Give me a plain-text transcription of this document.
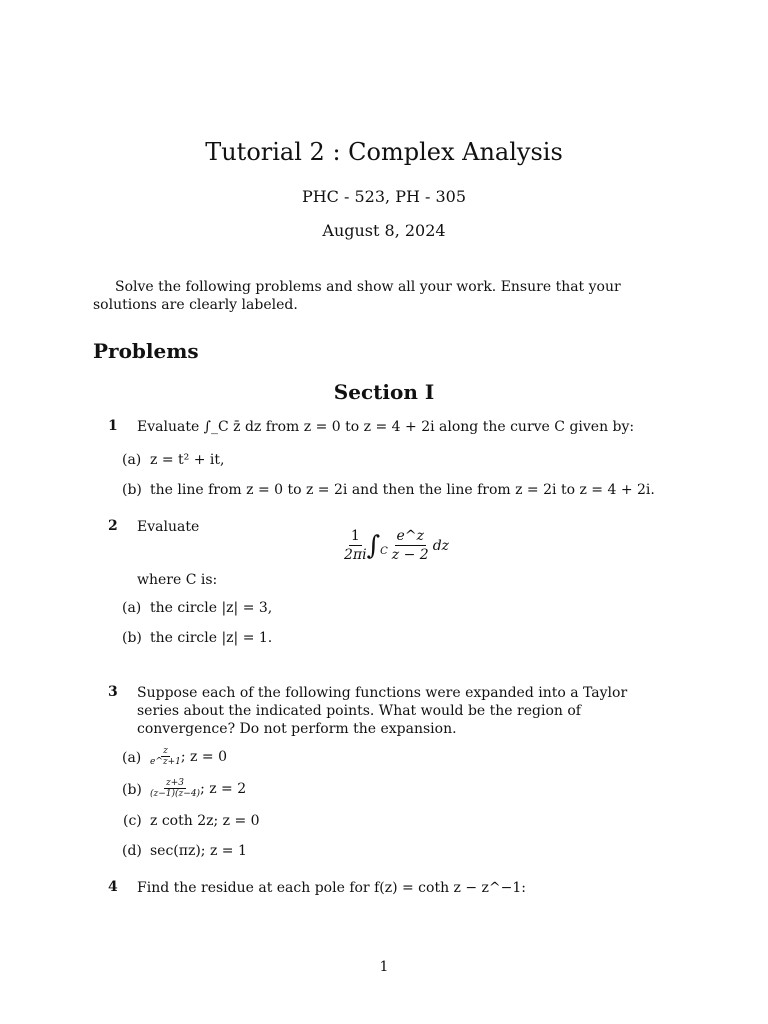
Tutorial 2 : Complex Analysis
PHC - 523, PH - 305
August 8, 2024
Solve the following problems and show all your work. Ensure that your solutions are clearly labeled.
Problems
Section I
1 Evaluate ∫_C z̄ dz from z = 0 to z = 4 + 2i along the curve C given by:
(a) z = t² + it,
(b) the line from z = 0 to z = 2i and then the line from z = 2i to z = 4 + 2i.
2 Evaluate	$\frac{1}{2\pi i}$ ∫ C $\frac{e\^{}z}{z - 2}$ dz
where C is:
(a) the circle |z| = 3,
(b) the circle |z| = 1.
3 Suppose each of the following functions were expanded into a Taylor series about the indicated points. What would be the region of convergence? Do not perform the expansion.
$(a) \frac{z}{e\^{}z+1}$ ; z = 0
$(b) \frac{z+3}{(z-1)(z-4)}$ ; z = 2
(c) z coth 2z; z = 0
(d) sec(πz); z = 1
4 Find the residue at each pole for f(z) = coth z − z^−1:
1
